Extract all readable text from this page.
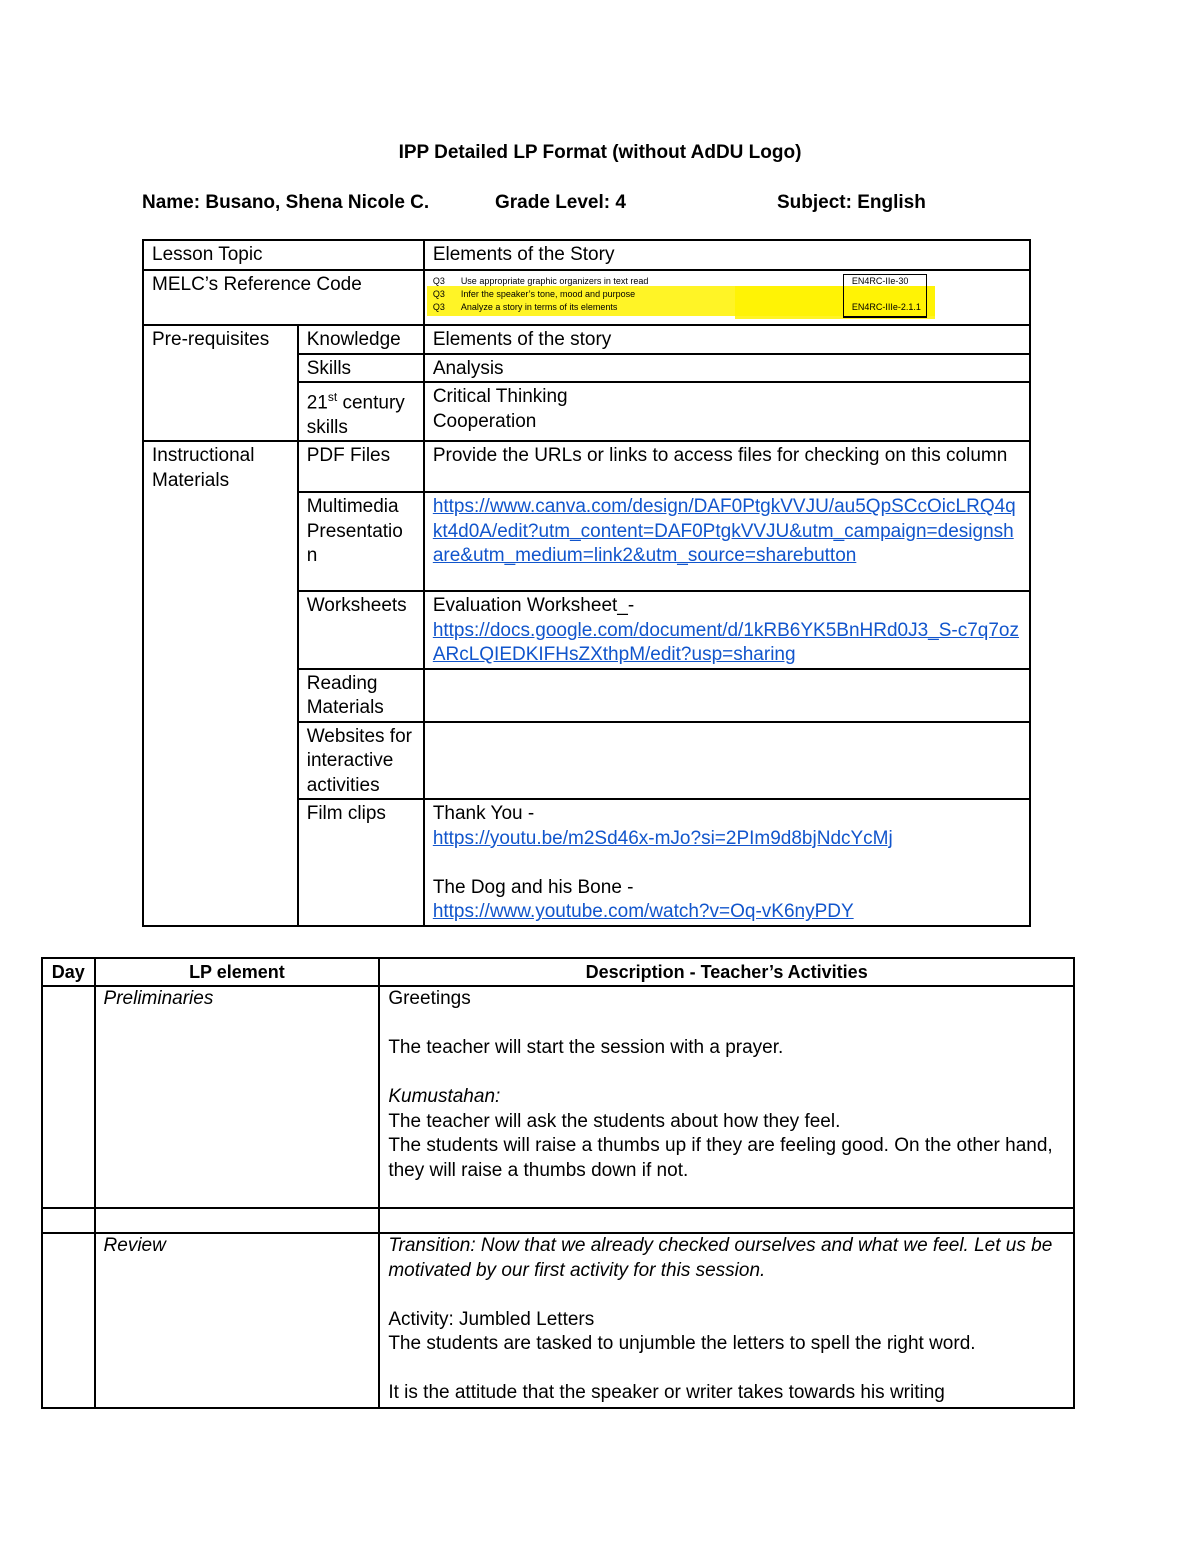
IPP Detailed LP Format (without AdDU Logo)
Name: Busano, Shena Nicole C.	Grade Level: 4	Subject: English
Lesson Topic		Elements of the Story
MELC’s Reference Code		Q3 Use appropriate graphic organizers in text read EN4RC-IIe-30
Q3 Infer the speaker’s tone, mood and purpose
Q3 Analyze a story in terms of its elements EN4RC-IIIe-2.1.1

Pre-requisites	Knowledge	Elements of the story
	Skills	Analysis
	21st century skills	Critical Thinking
Cooperation

Instructional Materials	PDF Files	Provide the URLs or links to access files for checking on this column
	Multimedia Presentatio n	https://www.canva.com/design/DAF0PtgkVVJU/au5QpSCcOicLRQ4qkt4d0A/edit?utm_content=DAF0PtgkVVJU&utm_campaign=designshare&utm_medium=link2&utm_source=sharebutton

	Worksheets	Evaluation Worksheet_-
https://docs.google.com/document/d/1kRB6YK5BnHRd0J3_S-c7q7ozARcLQIEDKIFHsZXthpM/edit?usp=sharing

	Reading Materials	
	Websites for interactive activities	
	Film clips	Thank You -
https://youtu.be/m2Sd46x-mJo?si=2PIm9d8bjNdcYcMj
The Dog and his Bone -
https://www.youtube.com/watch?v=Oq-vK6nyPDY
Day	LP element	Description - Teacher’s Activities
	Preliminaries	Greetings
The teacher will start the session with a prayer.
Kumustahan:
The teacher will ask the students about how they feel.
The students will raise a thumbs up if they are feeling good. On the other hand, they will raise a thumbs down if not.

	Review	Transition: Now that we already checked ourselves and what we feel. Let us be motivated by our first activity for this session.
Activity: Jumbled Letters
The students are tasked to unjumble the letters to spell the right word.
It is the attitude that the speaker or writer takes towards his writing
